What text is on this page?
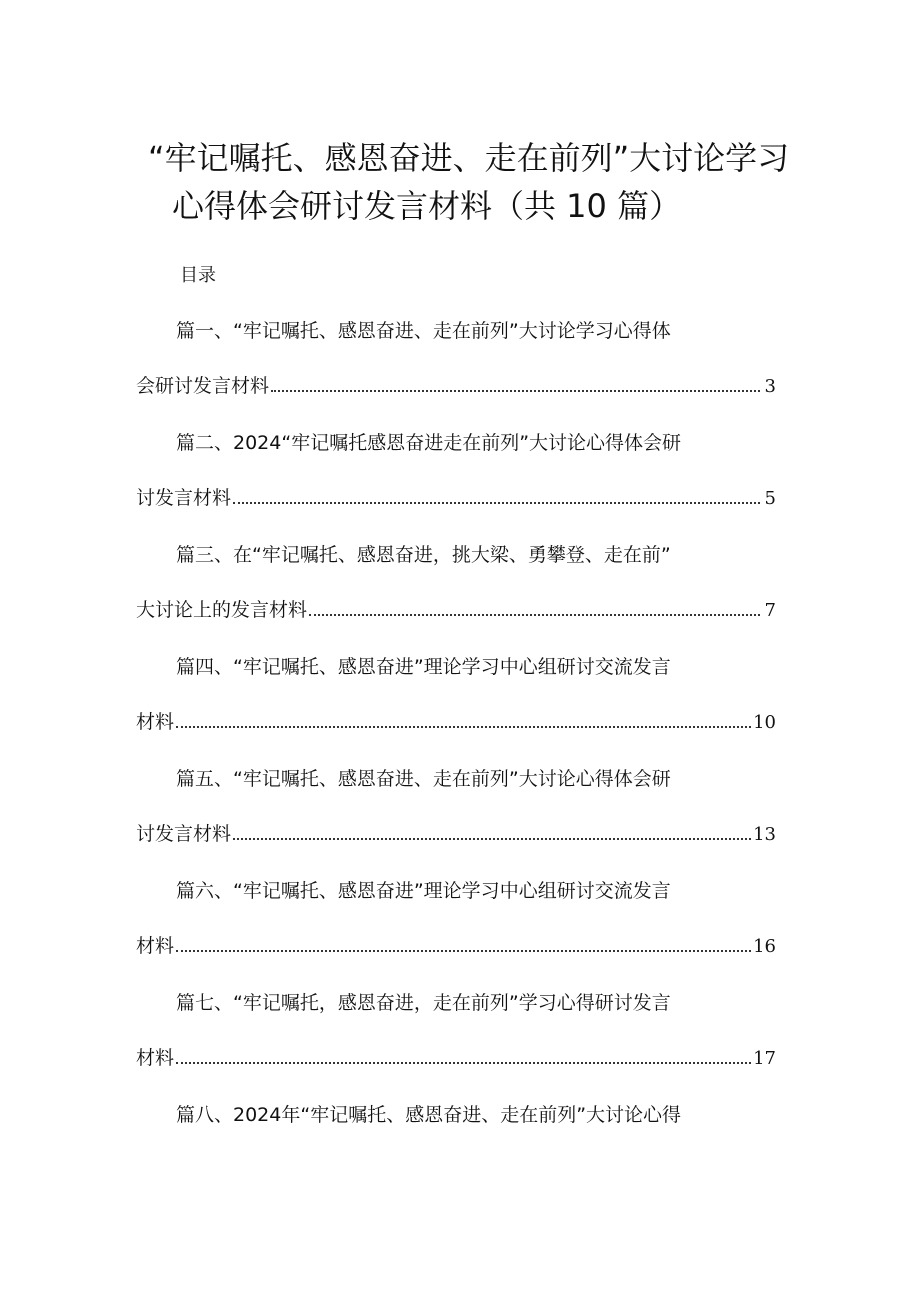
“牢记嘱托、感恩奋进、走在前列”大讨论学习
心得体会研讨发言材料（共 10 篇）
目录
篇一、“牢记嘱托、感恩奋进、走在前列”大讨论学习心得体
会研讨发言材料	3
篇二、2024“牢记嘱托感恩奋进走在前列”大讨论心得体会研
讨发言材料	5
篇三、在“牢记嘱托、感恩奋进，挑大梁、勇攀登、走在前”
大讨论上的发言材料	7
篇四、“牢记嘱托、感恩奋进”理论学习中心组研讨交流发言
材料	10
篇五、“牢记嘱托、感恩奋进、走在前列”大讨论心得体会研
讨发言材料	13
篇六、“牢记嘱托、感恩奋进”理论学习中心组研讨交流发言
材料	16
篇七、“牢记嘱托，感恩奋进，走在前列”学习心得研讨发言
材料	17
篇八、2024年“牢记嘱托、感恩奋进、走在前列”大讨论心得
